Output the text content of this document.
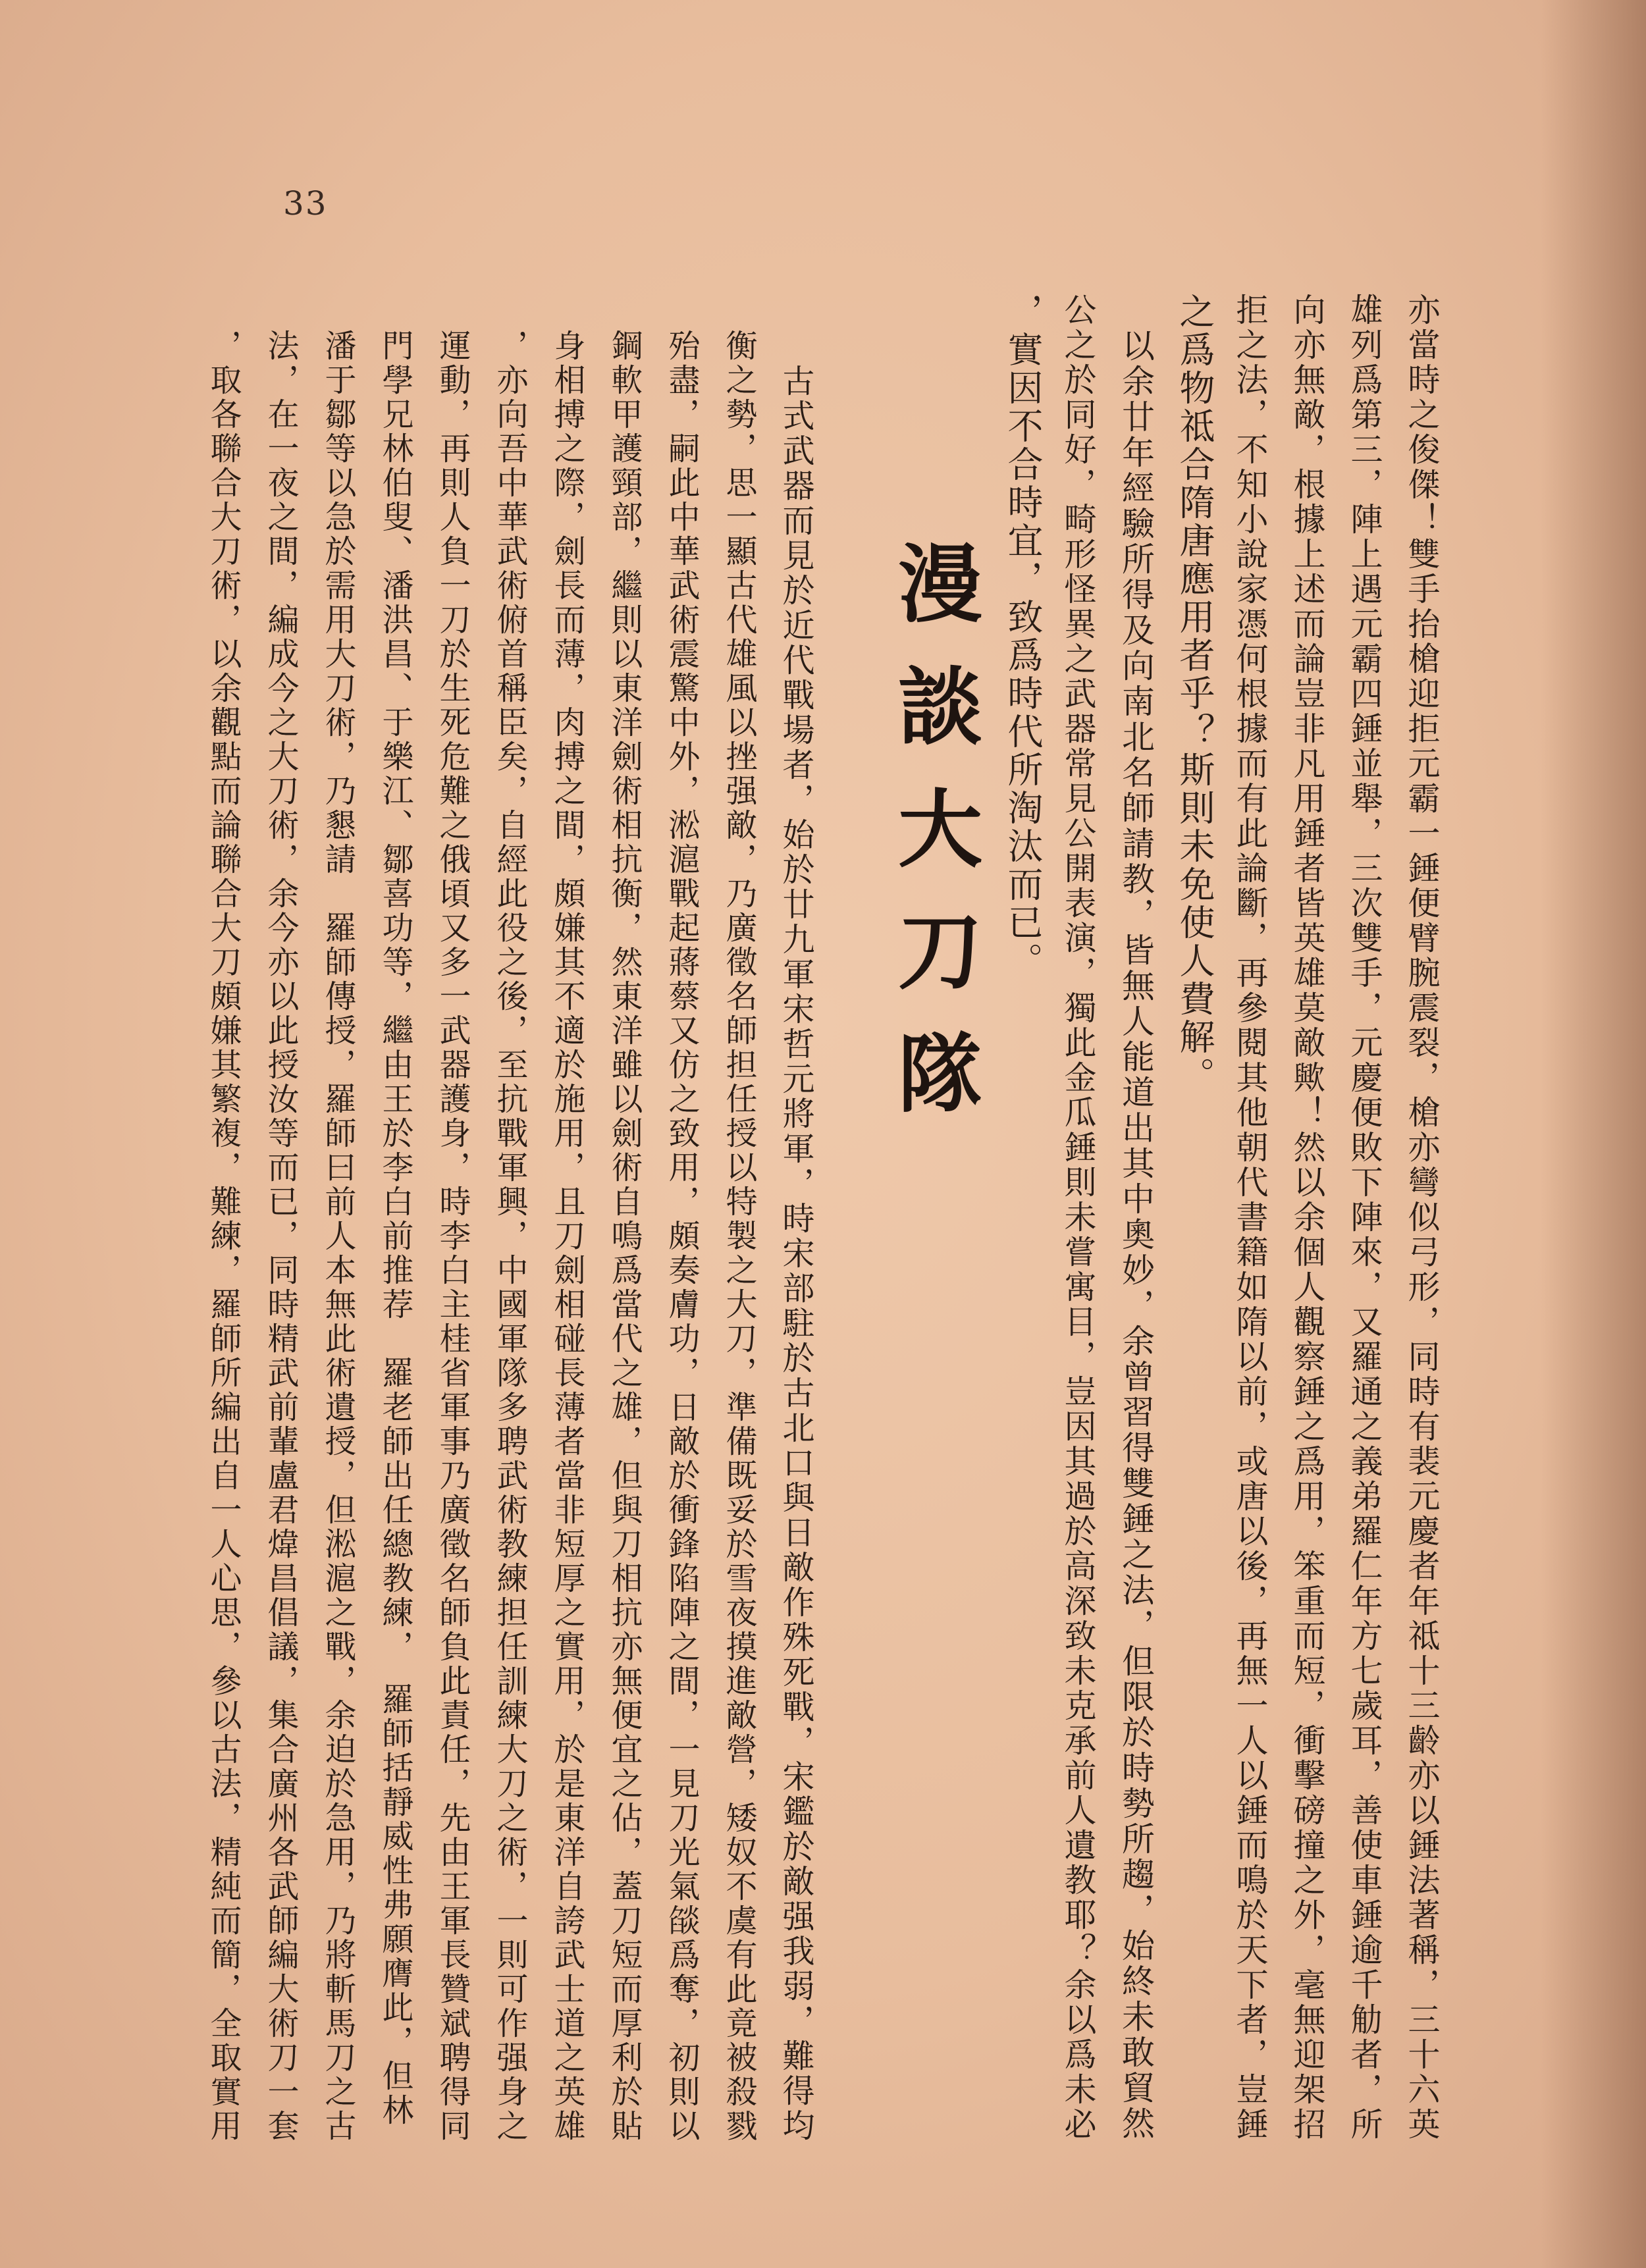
33
亦當時之俊傑！雙手抬槍迎拒元霸一錘便臂腕震裂，槍亦彎似弓形，同時有裴元慶者年祗十三齡亦以錘法著稱，三十六英
雄列爲第三，陣上遇元霸四錘並舉，三次雙手，元慶便敗下陣來，又羅通之義弟羅仁年方七歲耳，善使車錘逾千觔者，所
向亦無敵，根據上述而論豈非凡用錘者皆英雄莫敵歟！然以余個人觀察錘之爲用，笨重而短，衝擊磅撞之外，毫無迎架招
拒之法，不知小說家憑何根據而有此論斷，再參閱其他朝代書籍如隋以前，或唐以後，再無一人以錘而鳴於天下者，豈錘
之爲物祗合隋唐應用者乎？斯則未免使人費解。
　以余廿年經驗所得及向南北名師請教，皆無人能道出其中奧妙，余曾習得雙錘之法，但限於時勢所趨，始終未敢貿然
公之於同好，畸形怪異之武器常見公開表演，獨此金瓜錘則未嘗寓目，豈因其過於高深致未克承前人遺教耶？余以爲未必
，實因不合時宜，致爲時代所淘汰而已。
漫談大刀隊
　古式武器而見於近代戰場者，始於廿九軍宋哲元將軍，時宋部駐於古北口與日敵作殊死戰，宋鑑於敵强我弱，難得均
衡之勢，思一顯古代雄風以挫强敵，乃廣徵名師担任授以特製之大刀，準備既妥於雪夜摸進敵營，矮奴不虞有此竟被殺戮
殆盡，嗣此中華武術震驚中外，淞滬戰起蔣蔡又仿之致用，頗奏膚功，日敵於衝鋒陷陣之間，一見刀光氣燄爲奪，初則以
鋼軟甲護頸部，繼則以東洋劍術相抗衡，然東洋雖以劍術自鳴爲當代之雄，但與刀相抗亦無便宜之佔，蓋刀短而厚利於貼
身相搏之際，劍長而薄，肉搏之間，頗嫌其不適於施用，且刀劍相碰長薄者當非短厚之實用，於是東洋自誇武士道之英雄
，亦向吾中華武術俯首稱臣矣，自經此役之後，至抗戰軍興，中國軍隊多聘武術教練担任訓練大刀之術，一則可作强身之
運動，再則人負一刀於生死危難之俄頃又多一武器護身，時李白主桂省軍事乃廣徵名師負此責任，先由王軍長贊斌聘得同
門學兄林伯叟、潘洪昌、于樂江、鄒喜功等，繼由王於李白前推荐　羅老師出任總教練，　羅師括靜威性弗願膺此，但林
潘于鄒等以急於需用大刀術，乃懇請　羅師傳授，羅師曰前人本無此術遺授，但淞滬之戰，余迫於急用，乃將斬馬刀之古
法，在一夜之間，編成今之大刀術，余今亦以此授汝等而已，同時精武前輩盧君煒昌倡議，集合廣州各武師編大術刀一套
，取各聯合大刀術，以余觀點而論聯合大刀頗嫌其繁複，難練，羅師所編出自一人心思，參以古法，精純而簡，全取實用
